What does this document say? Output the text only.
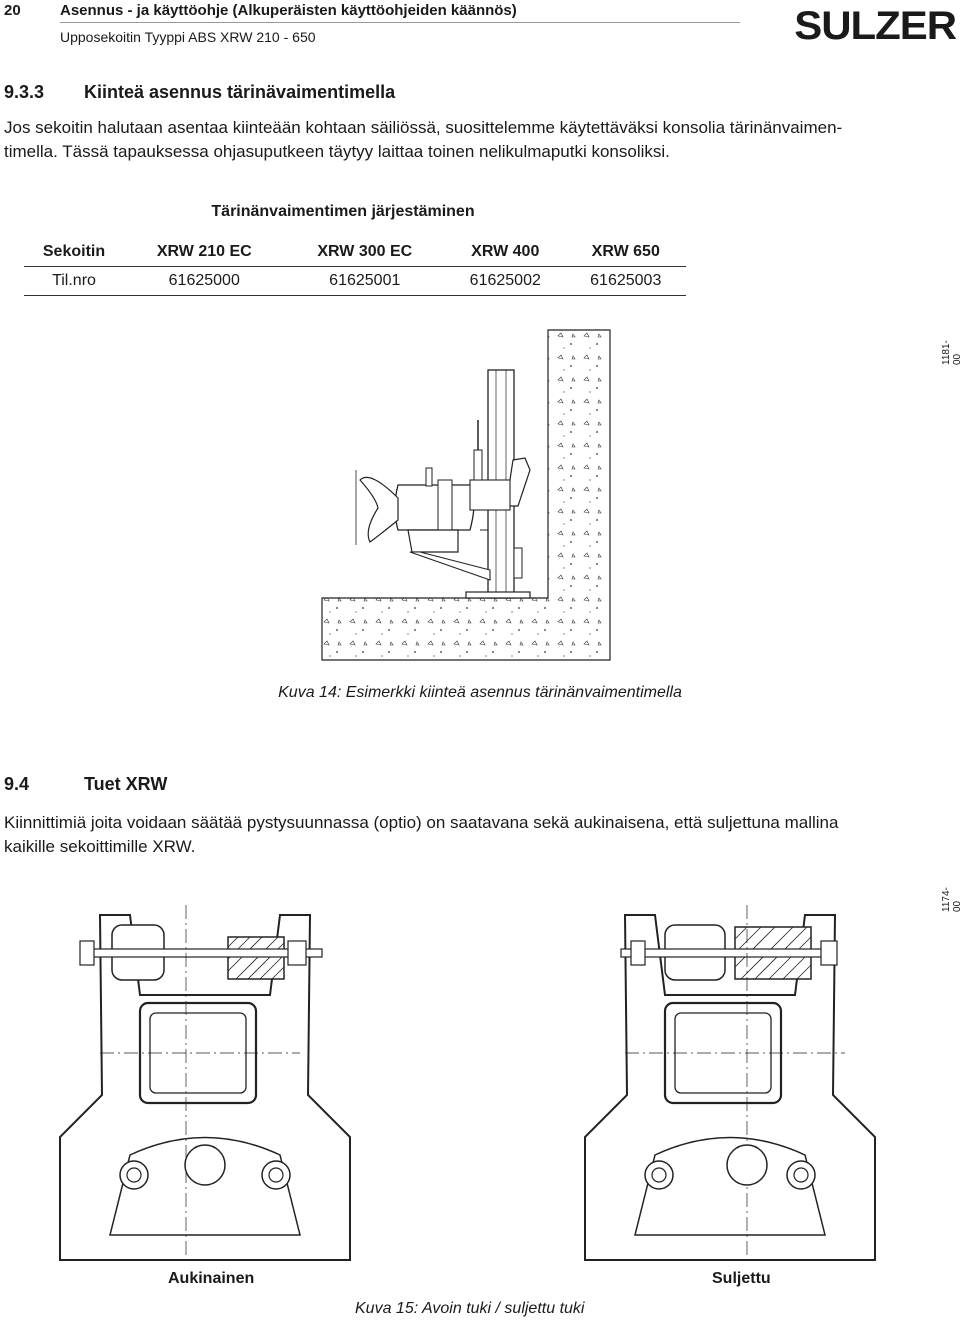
20	Asennus - ja käyttöohje (Alkuperäisten käyttöohjeiden käännös)
Upposekoitin Tyyppi ABS XRW 210 - 650	SULZER
9.3.3 Kiinteä asennus tärinävaimentimella
Jos sekoitin halutaan asentaa kiinteään kohtaan säiliössä, suosittelemme käytettäväksi konsolia tärinänvaimen-
timella. Tässä tapauksessa ohjasuputkeen täytyy laittaa toinen nelikulmaputki konsoliksi.
Tärinänvaimentimen järjestäminen
Sekoitin	XRW 210 EC	XRW 300 EC	XRW 400	XRW 650
Til.nro	61625000	61625001	61625002	61625003
1181-00
Kuva 14: Esimerkki kiinteä asennus tärinänvaimentimella
9.4	Tuet XRW
Kiinnittimiä joita voidaan säätää pystysuunnassa (optio) on saatavana sekä aukinaisena, että suljettuna mallina
kaikille sekoittimille XRW.
1174-00
Aukinainen	Suljettu
Kuva 15: Avoin tuki / suljettu tuki
